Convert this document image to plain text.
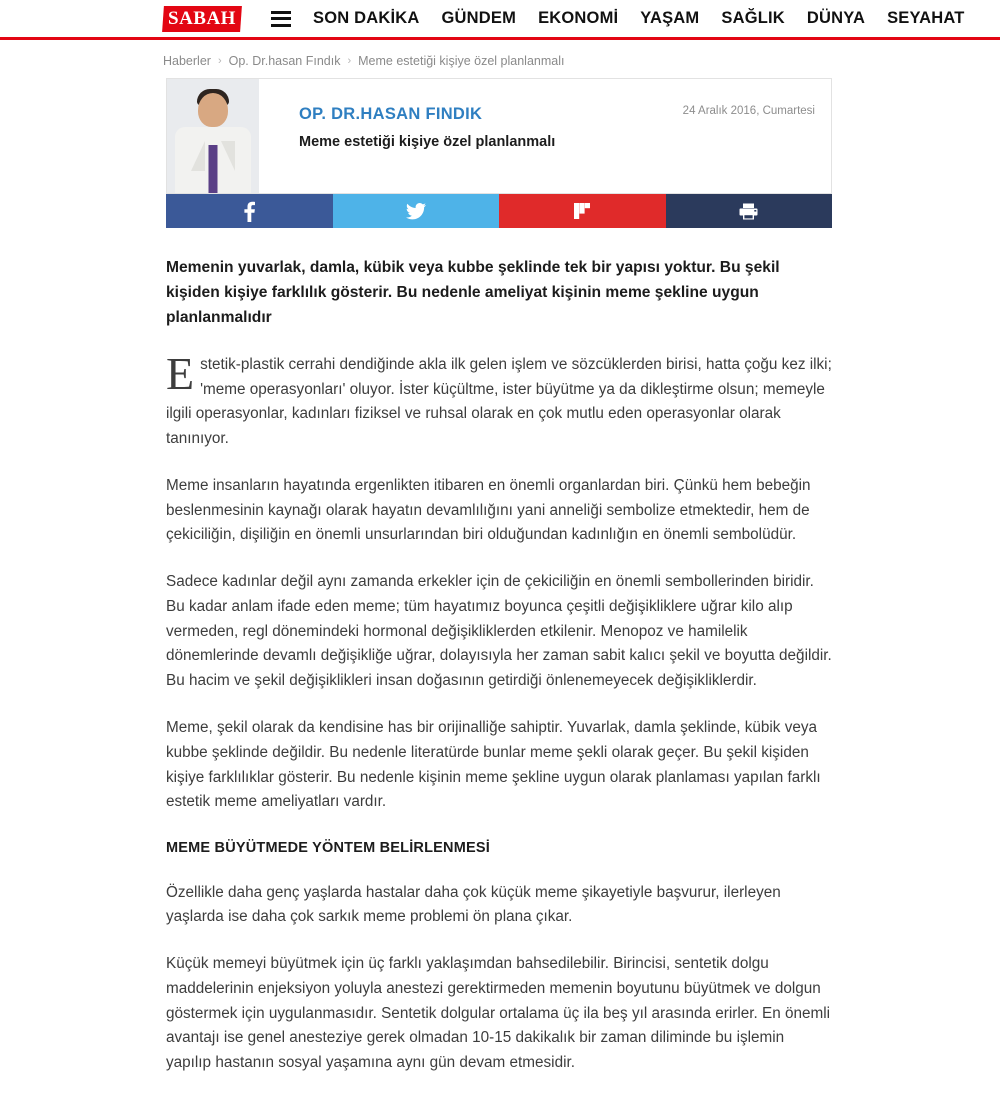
SABAH	SON DAKİKA GÜNDEM EKONOMİ YAŞAM SAĞLIK DÜNYA SEYAHAT
Haberler › Op. Dr.hasan Fındık › Meme estetiği kişiye özel planlanmalı
OP. DR.HASAN FINDIK
Meme estetiği kişiye özel planlanmalı
24 Aralık 2016, Cumartesi

Memenin yuvarlak, damla, kübik veya kubbe şeklinde tek bir yapısı yoktur. Bu şekil kişiden kişiye farklılık gösterir. Bu nedenle ameliyat kişinin meme şekline uygun planlanmalıdır

Estetik-plastik cerrahi dendiğinde akla ilk gelen işlem ve sözcüklerden birisi, hatta çoğu kez ilki; 'meme operasyonları' oluyor. İster küçültme, ister büyütme ya da dikleştirme olsun; memeyle ilgili operasyonlar, kadınları fiziksel ve ruhsal olarak en çok mutlu eden operasyonlar olarak tanınıyor.

Meme insanların hayatında ergenlikten itibaren en önemli organlardan biri. Çünkü hem bebeğin beslenmesinin kaynağı olarak hayatın devamlılığını yani anneliği sembolize etmektedir, hem de çekiciliğin, dişiliğin en önemli unsurlarından biri olduğundan kadınlığın en önemli sembolüdür.

Sadece kadınlar değil aynı zamanda erkekler için de çekiciliğin en önemli sembollerinden biridir. Bu kadar anlam ifade eden meme; tüm hayatımız boyunca çeşitli değişikliklere uğrar kilo alıp vermeden, regl dönemindeki hormonal değişikliklerden etkilenir. Menopoz ve hamilelik dönemlerinde devamlı değişikliğe uğrar, dolayısıyla her zaman sabit kalıcı şekil ve boyutta değildir. Bu hacim ve şekil değişiklikleri insan doğasının getirdiği önlenemeyecek değişikliklerdir.

Meme, şekil olarak da kendisine has bir orijinalliğe sahiptir. Yuvarlak, damla şeklinde, kübik veya kubbe şeklinde değildir. Bu nedenle literatürde bunlar meme şekli olarak geçer. Bu şekil kişiden kişiye farklılıklar gösterir. Bu nedenle kişinin meme şekline uygun olarak planlaması yapılan farklı estetik meme ameliyatları vardır.

MEME BÜYÜTMEDE YÖNTEM BELİRLENMESİ

Özellikle daha genç yaşlarda hastalar daha çok küçük meme şikayetiyle başvurur, ilerleyen yaşlarda ise daha çok sarkık meme problemi ön plana çıkar.

Küçük memeyi büyütmek için üç farklı yaklaşımdan bahsedilebilir. Birincisi, sentetik dolgu maddelerinin enjeksiyon yoluyla anestezi gerektirmeden memenin boyutunu büyütmek ve dolgun göstermek için uygulanmasıdır. Sentetik dolgular ortalama üç ila beş yıl arasında erirler. En önemli avantajı ise genel anesteziye gerek olmadan 10-15 dakikalık bir zaman diliminde bu işlemin yapılıp hastanın sosyal yaşamına aynı gün devam etmesidir.
